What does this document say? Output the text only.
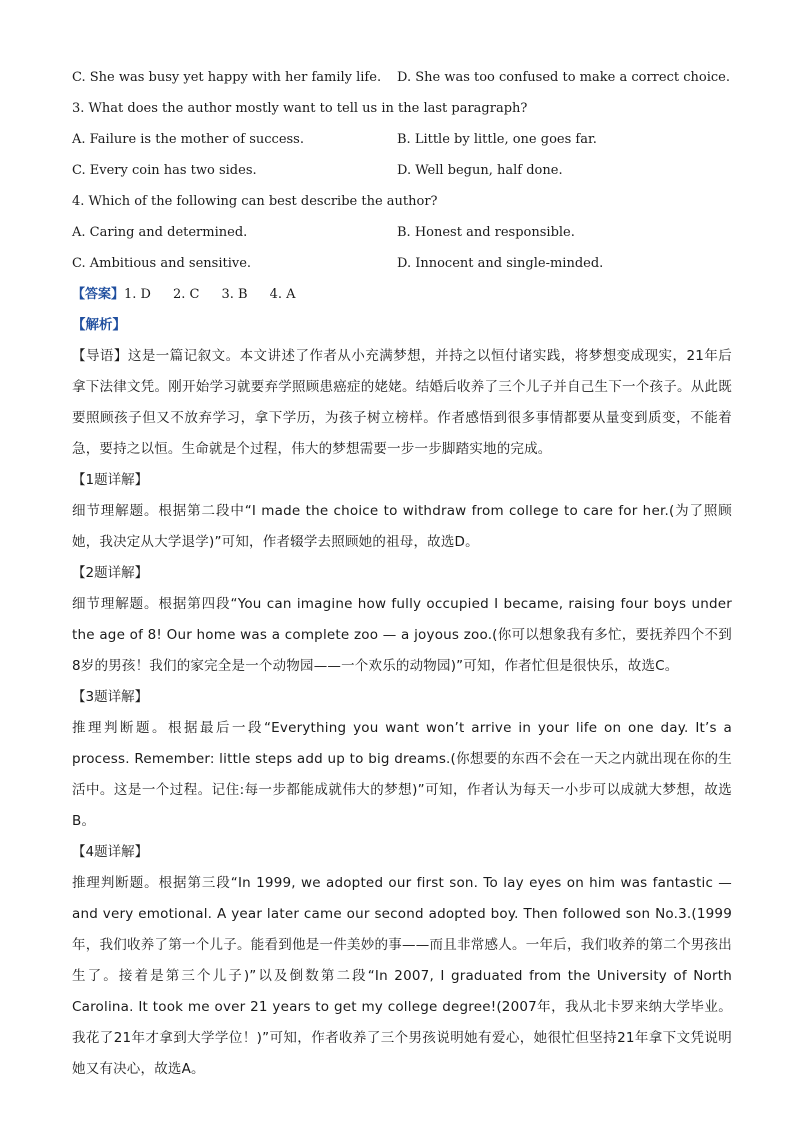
C. She was busy yet happy with her family life.	D. She was too confused to make a correct choice.
3. What does the author mostly want to tell us in the last paragraph?
A. Failure is the mother of success.	B. Little by little, one goes far.
C. Every coin has two sides.	D. Well begun, half done.
4. Which of the following can best describe the author?
A. Caring and determined.	B. Honest and responsible.
C. Ambitious and sensitive.	D. Innocent and single-minded.
【答案】1. D 2. C 3. B 4. A
【解析】
【导语】这是一篇记叙文。本文讲述了作者从小充满梦想，并持之以恒付诸实践，将梦想变成现实，21年后拿下法律文凭。刚开始学习就要弃学照顾患癌症的姥姥。结婚后收养了三个儿子并自己生下一个孩子。从此既要照顾孩子但又不放弃学习，拿下学历，为孩子树立榜样。作者感悟到很多事情都要从量变到质变，不能着急，要持之以恒。生命就是个过程，伟大的梦想需要一步一步脚踏实地的完成。
【1题详解】
细节理解题。根据第二段中“I made the choice to withdraw from college to care for her.(为了照顾她，我决定从大学退学)”可知，作者辍学去照顾她的祖母，故选D。
【2题详解】
细节理解题。根据第四段“You can imagine how fully occupied I became, raising four boys under the age of 8! Our home was a complete zoo — a joyous zoo.(你可以想象我有多忙，要抚养四个不到8岁的男孩！我们的家完全是一个动物园——一个欢乐的动物园)”可知，作者忙但是很快乐，故选C。
【3题详解】
推理判断题。根据最后一段“Everything you want won’t arrive in your life on one day. It’s a process. Remember: little steps add up to big dreams.(你想要的东西不会在一天之内就出现在你的生活中。这是一个过程。记住:每一步都能成就伟大的梦想)”可知，作者认为每天一小步可以成就大梦想，故选B。
【4题详解】
推理判断题。根据第三段“In 1999, we adopted our first son. To lay eyes on him was fantastic — and very emotional. A year later came our second adopted boy. Then followed son No.3.(1999年，我们收养了第一个儿子。能看到他是一件美妙的事——而且非常感人。一年后，我们收养的第二个男孩出生了。接着是第三个儿子)”以及倒数第二段“In 2007, I graduated from the University of North Carolina. It took me over 21 years to get my college degree!(2007年，我从北卡罗来纳大学毕业。我花了21年才拿到大学学位！)”可知，作者收养了三个男孩说明她有爱心，她很忙但坚持21年拿下文凭说明她又有决心，故选A。
